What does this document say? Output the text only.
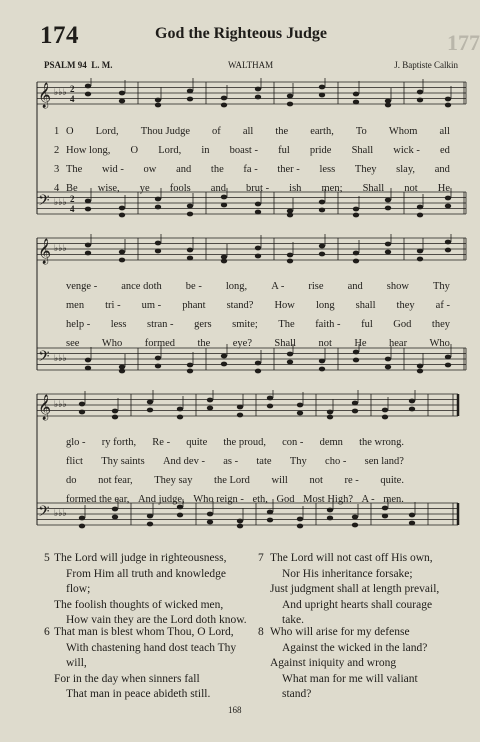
174	God the Righteous Judge	177
PSALM 94 L. M.	WALTHAM	J. Baptiste Calkin
𝄞 ♭♭♭ 2
4
𝄢 ♭♭♭ 2
4
𝄞 ♭♭♭
𝄢 ♭♭♭
𝄞 ♭♭♭
𝄢 ♭♭♭
1 O Lord, Thou Judge of all the earth, To Whom all
2 How long, O Lord, in boast - ful pride Shall wick - ed
3 The wid - ow and the fa - ther - less They slay, and
4 Be wise, ye fools and brut - ish men; Shall not He
venge - ance doth be - long, A - rise and show Thy
men tri - um - phant stand? How long shall they af -
help - less stran - gers smite; The faith - ful God they
see Who formed the eye? Shall not He hear Who
glo - ry forth, Re - quite the proud, con - demn the wrong.
flict Thy saints And dev - as - tate Thy cho - sen land?
do not fear, They say the Lord will not re - quite.
formed the ear, And judge, Who reign - eth, God Most High? A - men.
5 The Lord will judge in righteousness,
From Him all truth and knowledge
flow;
The foolish thoughts of wicked men,
How vain they are the Lord doth know.
6 That man is blest whom Thou, O Lord,
With chastening hand dost teach Thy
will,
For in the day when sinners fall
That man in peace abideth still.
7 The Lord will not cast off His own,
Nor His inheritance forsake;
Just judgment shall at length prevail,
And upright hearts shall courage
take.
8 Who will arise for my defense
Against the wicked in the land?
Against iniquity and wrong
What man for me will valiant
stand?
168
